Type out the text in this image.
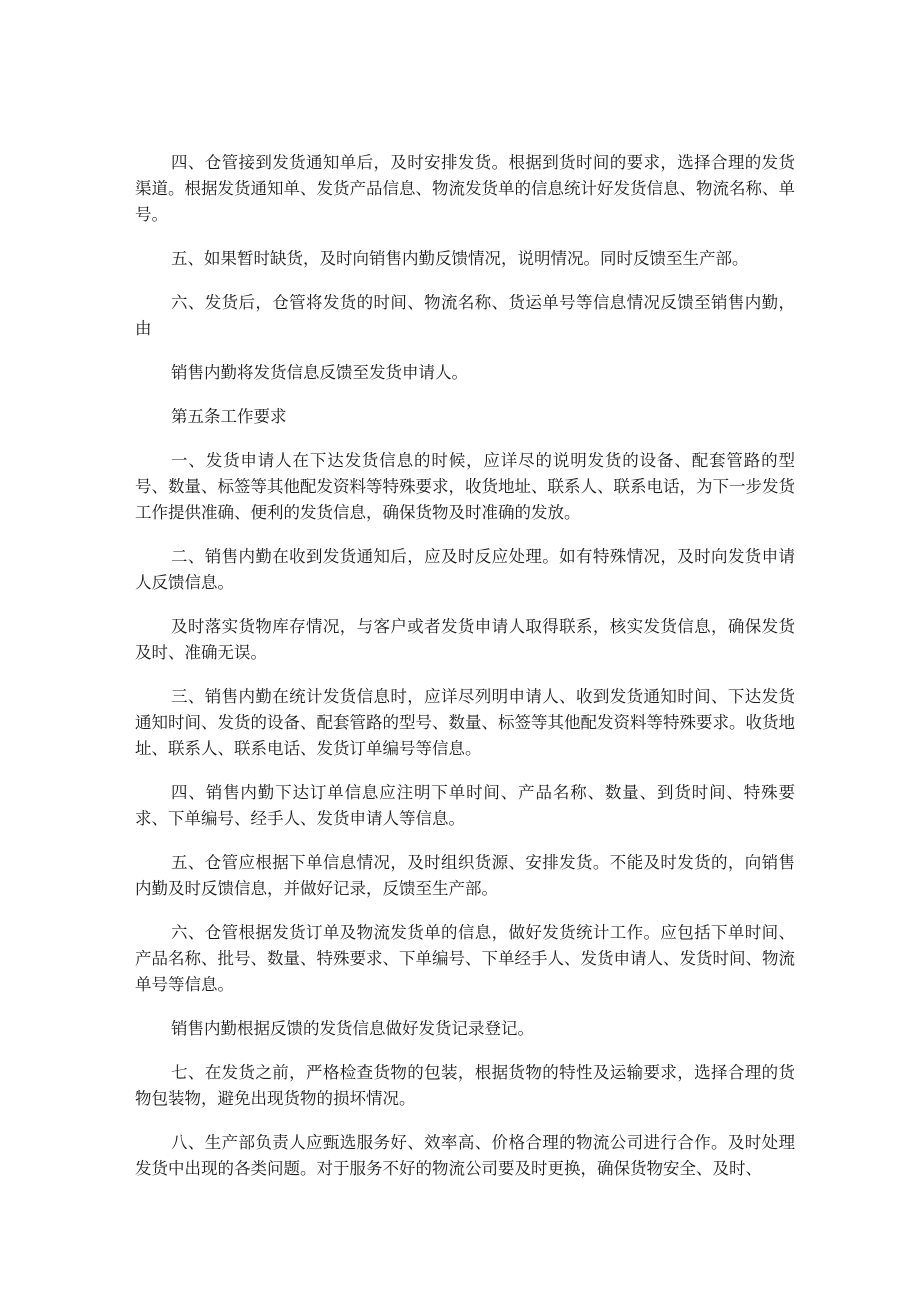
四、仓管接到发货通知单后，及时安排发货。根据到货时间的要求，选择合理的发货渠道。根据发货通知单、发货产品信息、物流发货单的信息统计好发货信息、物流名称、单号。

五、如果暂时缺货，及时向销售内勤反馈情况，说明情况。同时反馈至生产部。

六、发货后，仓管将发货的时间、物流名称、货运单号等信息情况反馈至销售内勤，由

销售内勤将发货信息反馈至发货申请人。

第五条工作要求

一、发货申请人在下达发货信息的时候，应详尽的说明发货的设备、配套管路的型号、数量、标签等其他配发资料等特殊要求，收货地址、联系人、联系电话，为下一步发货工作提供准确、便利的发货信息，确保货物及时准确的发放。

二、销售内勤在收到发货通知后，应及时反应处理。如有特殊情况，及时向发货申请人反馈信息。

及时落实货物库存情况，与客户或者发货申请人取得联系，核实发货信息，确保发货及时、准确无误。

三、销售内勤在统计发货信息时，应详尽列明申请人、收到发货通知时间、下达发货通知时间、发货的设备、配套管路的型号、数量、标签等其他配发资料等特殊要求。收货地址、联系人、联系电话、发货订单编号等信息。

四、销售内勤下达订单信息应注明下单时间、产品名称、数量、到货时间、特殊要求、下单编号、经手人、发货申请人等信息。

五、仓管应根据下单信息情况，及时组织货源、安排发货。不能及时发货的，向销售内勤及时反馈信息，并做好记录，反馈至生产部。

六、仓管根据发货订单及物流发货单的信息，做好发货统计工作。应包括下单时间、产品名称、批号、数量、特殊要求、下单编号、下单经手人、发货申请人、发货时间、物流单号等信息。

销售内勤根据反馈的发货信息做好发货记录登记。

七、在发货之前，严格检查货物的包装，根据货物的特性及运输要求，选择合理的货物包装物，避免出现货物的损坏情况。

八、生产部负责人应甄选服务好、效率高、价格合理的物流公司进行合作。及时处理发货中出现的各类问题。对于服务不好的物流公司要及时更换，确保货物安全、及时、
